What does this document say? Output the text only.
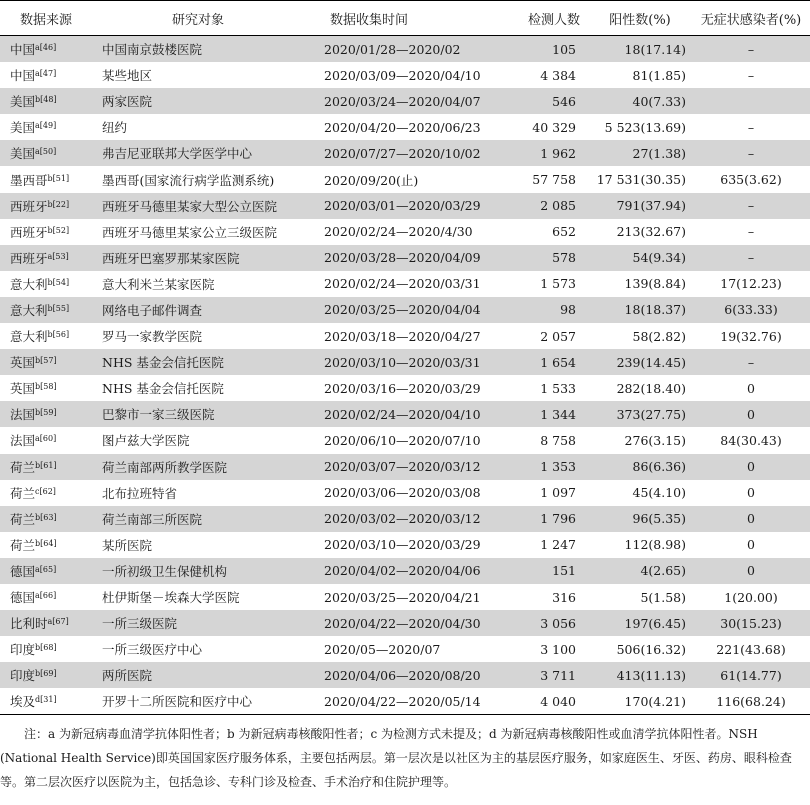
数据来源	研究对象	数据收集时间	检测人数	阳性数(%)	无症状感染者(%)
中国$^{a[46]}$	中国南京鼓楼医院	2020/01/28—2020/02	105	18(17.14)	–
中国$^{a[47]}$	某些地区	2020/03/09—2020/04/10	4 384	81(1.85)	–
美国$^{b[48]}$	两家医院	2020/03/24—2020/04/07	546	40(7.33)	
美国$^{a[49]}$	纽约	2020/04/20—2020/06/23	40 329	5 523(13.69)	–
美国$^{a[50]}$	弗吉尼亚联邦大学医学中心	2020/07/27—2020/10/02	1 962	27(1.38)	–
墨西哥$^{b[51]}$	墨西哥(国家流行病学监测系统)	2020/09/20(止)	57 758	17 531(30.35)	635(3.62)
西班牙$^{b[22]}$	西班牙马德里某家大型公立医院	2020/03/01—2020/03/29	2 085	791(37.94)	–
西班牙$^{b[52]}$	西班牙马德里某家公立三级医院	2020/02/24—2020/4/30	652	213(32.67)	–
西班牙$^{a[53]}$	西班牙巴塞罗那某家医院	2020/03/28—2020/04/09	578	54(9.34)	–
意大利$^{b[54]}$	意大利米兰某家医院	2020/02/24—2020/03/31	1 573	139(8.84)	17(12.23)
意大利$^{b[55]}$	网络电子邮件调查	2020/03/25—2020/04/04	98	18(18.37)	6(33.33)
意大利$^{b[56]}$	罗马一家教学医院	2020/03/18—2020/04/27	2 057	58(2.82)	19(32.76)
英国$^{b[57]}$	NHS 基金会信托医院	2020/03/10—2020/03/31	1 654	239(14.45)	–
英国$^{b[58]}$	NHS 基金会信托医院	2020/03/16—2020/03/29	1 533	282(18.40)	0
法国$^{b[59]}$	巴黎市一家三级医院	2020/02/24—2020/04/10	1 344	373(27.75)	0
法国$^{a[60]}$	图卢兹大学医院	2020/06/10—2020/07/10	8 758	276(3.15)	84(30.43)
荷兰$^{b[61]}$	荷兰南部两所教学医院	2020/03/07—2020/03/12	1 353	86(6.36)	0
荷兰$^{c[62]}$	北布拉班特省	2020/03/06—2020/03/08	1 097	45(4.10)	0
荷兰$^{b[63]}$	荷兰南部三所医院	2020/03/02—2020/03/12	1 796	96(5.35)	0
荷兰$^{b[64]}$	某所医院	2020/03/10—2020/03/29	1 247	112(8.98)	0
德国$^{a[65]}$	一所初级卫生保健机构	2020/04/02—2020/04/06	151	4(2.65)	0
德国$^{a[66]}$	杜伊斯堡－埃森大学医院	2020/03/25—2020/04/21	316	5(1.58)	1(20.00)
比利时$^{a[67]}$	一所三级医院	2020/04/22—2020/04/30	3 056	197(6.45)	30(15.23)
印度$^{b[68]}$	一所三级医疗中心	2020/05—2020/07	3 100	506(16.32)	221(43.68)
印度$^{b[69]}$	两所医院	2020/04/06—2020/08/20	3 711	413(11.13)	61(14.77)
埃及$^{d[31]}$	开罗十二所医院和医疗中心	2020/04/22—2020/05/14	4 040	170(4.21)	116(68.24)

注：a 为新冠病毒血清学抗体阳性者；b 为新冠病毒核酸阳性者；c 为检测方式未提及；d 为新冠病毒核酸阳性或血清学抗体阳性者。NSH (National Health Service)即英国国家医疗服务体系，主要包括两层。第一层次是以社区为主的基层医疗服务，如家庭医生、牙医、药房、眼科检查等。第二层次医疗以医院为主，包括急诊、专科门诊及检查、手术治疗和住院护理等。
